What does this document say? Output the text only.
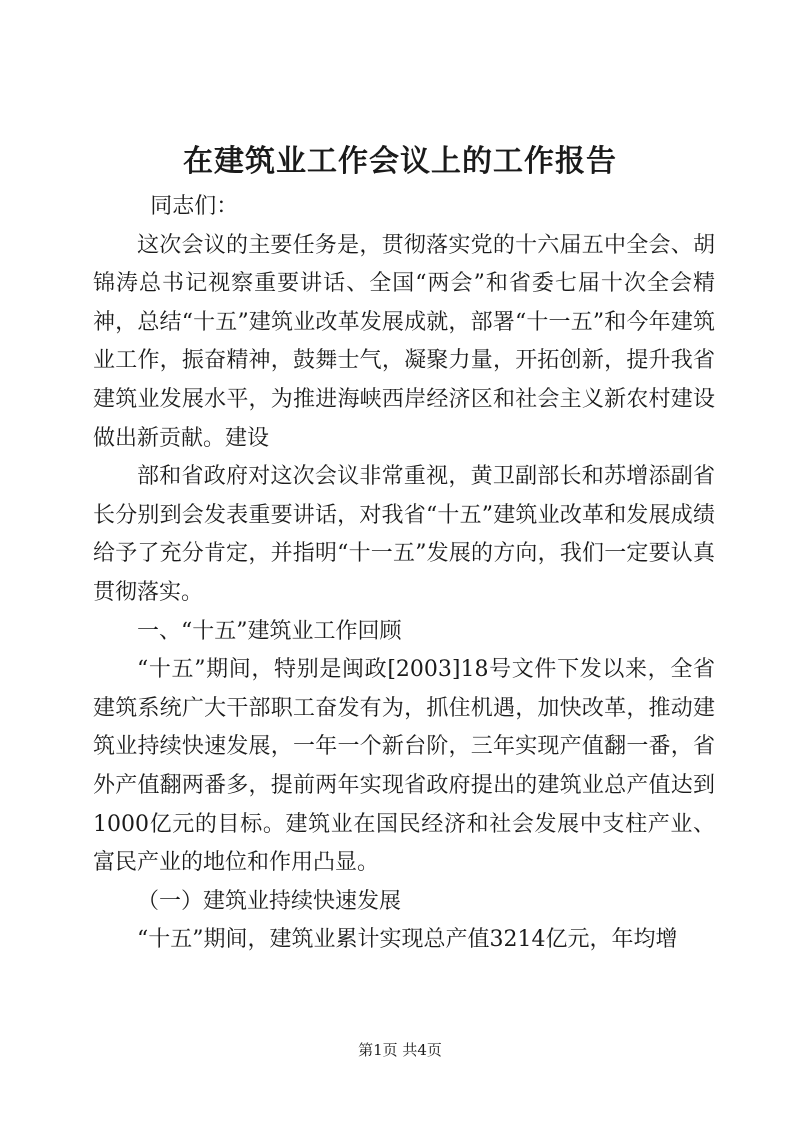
在建筑业工作会议上的工作报告

同志们：

这次会议的主要任务是，贯彻落实党的十六届五中全会、胡锦涛总书记视察重要讲话、全国“两会”和省委七届十次全会精神，总结“十五”建筑业改革发展成就，部署“十一五”和今年建筑业工作，振奋精神，鼓舞士气，凝聚力量，开拓创新，提升我省建筑业发展水平，为推进海峡西岸经济区和社会主义新农村建设做出新贡献。建设

部和省政府对这次会议非常重视，黄卫副部长和苏增添副省长分别到会发表重要讲话，对我省“十五”建筑业改革和发展成绩给予了充分肯定，并指明“十一五”发展的方向，我们一定要认真贯彻落实。

一、“十五”建筑业工作回顾

“十五”期间，特别是闽政[2003]18号文件下发以来，全省建筑系统广大干部职工奋发有为，抓住机遇，加快改革，推动建筑业持续快速发展，一年一个新台阶，三年实现产值翻一番，省外产值翻两番多，提前两年实现省政府提出的建筑业总产值达到1000亿元的目标。建筑业在国民经济和社会发展中支柱产业、富民产业的地位和作用凸显。

（一）建筑业持续快速发展

“十五”期间，建筑业累计实现总产值3214亿元，年均增

第1页 共4页
